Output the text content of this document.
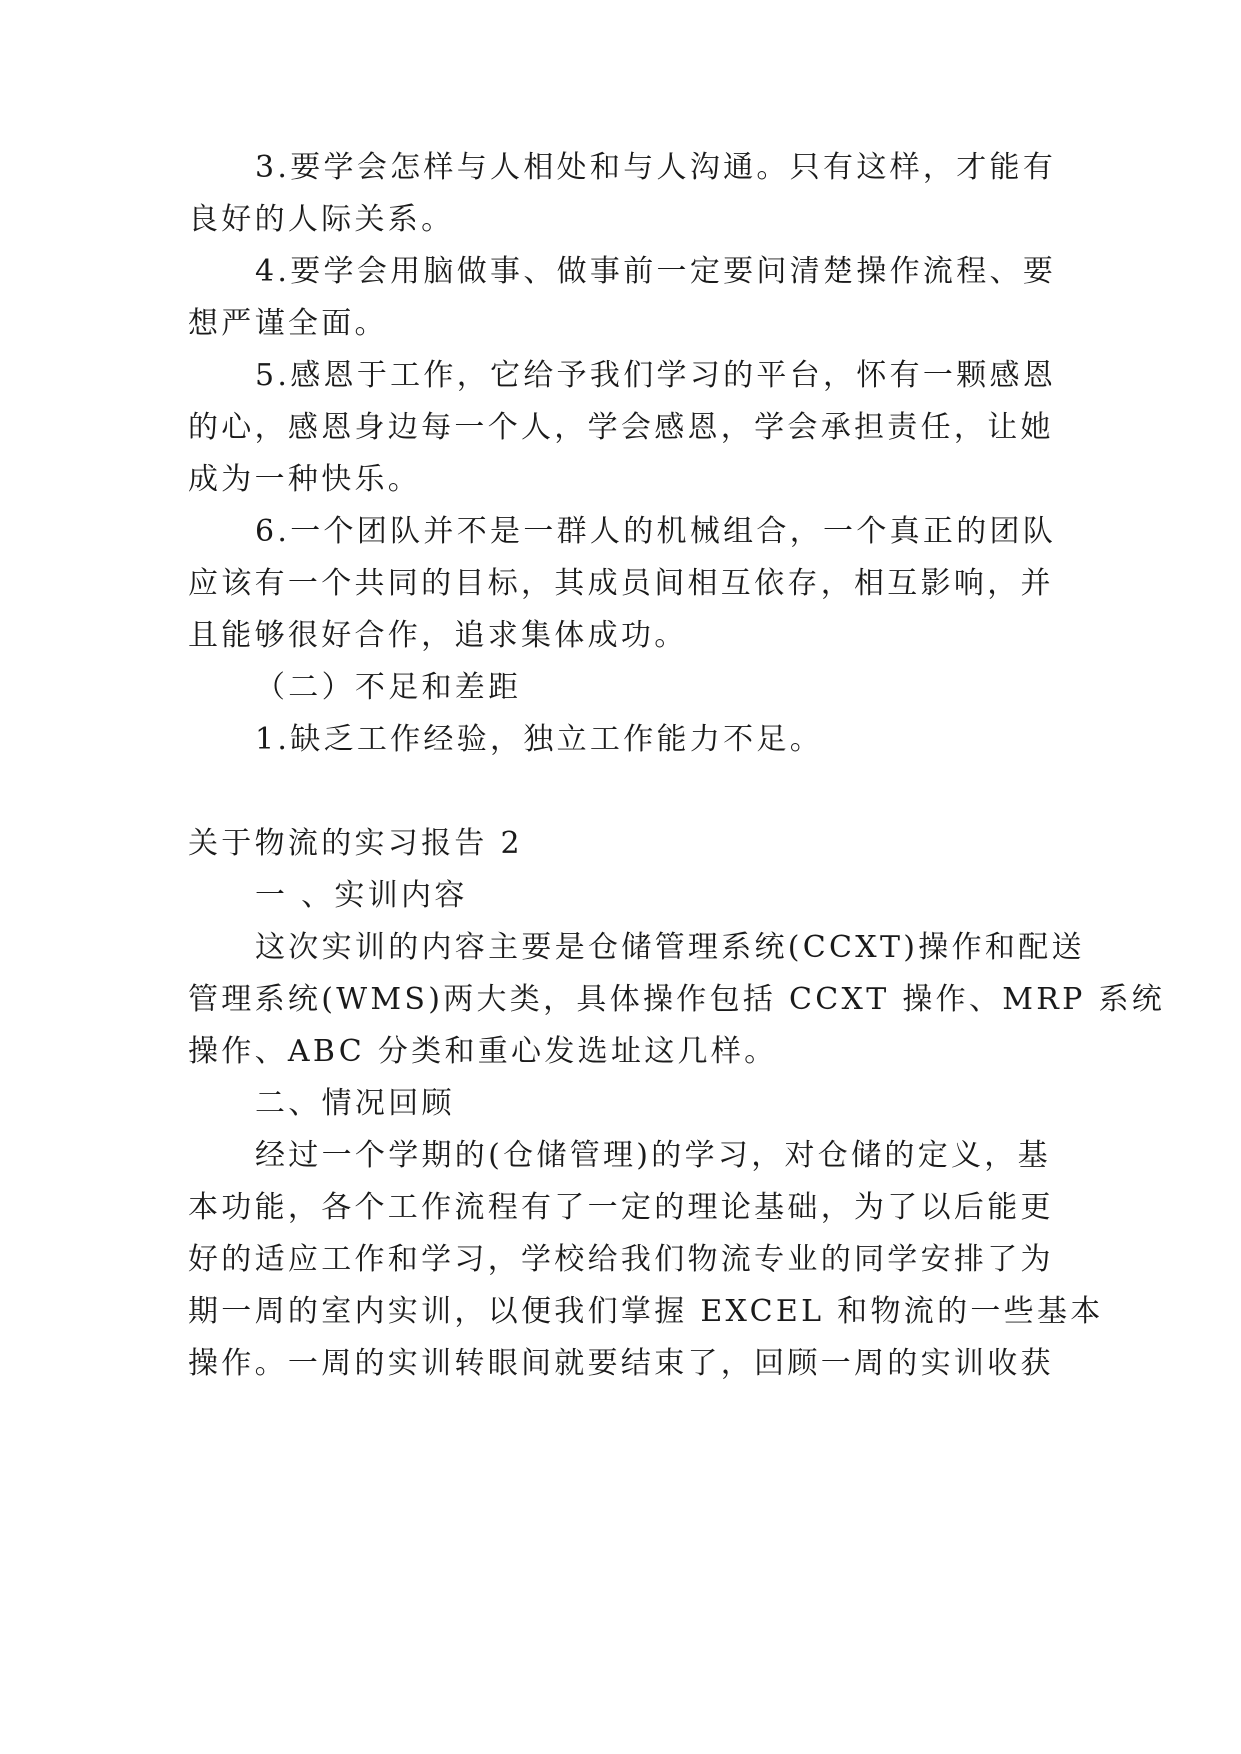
3.要学会怎样与人相处和与人沟通。只有这样，才能有
良好的人际关系。
4.要学会用脑做事、做事前一定要问清楚操作流程、要
想严谨全面。
5.感恩于工作，它给予我们学习的平台，怀有一颗感恩
的心，感恩身边每一个人，学会感恩，学会承担责任，让她
成为一种快乐。
6.一个团队并不是一群人的机械组合，一个真正的团队
应该有一个共同的目标，其成员间相互依存，相互影响，并
且能够很好合作，追求集体成功。
（二）不足和差距
1.缺乏工作经验，独立工作能力不足。
关于物流的实习报告 2
一 、实训内容
这次实训的内容主要是仓储管理系统(CCXT)操作和配送
管理系统(WMS)两大类，具体操作包括 CCXT 操作、MRP 系统
操作、ABC 分类和重心发选址这几样。
二、情况回顾
经过一个学期的(仓储管理)的学习，对仓储的定义，基
本功能，各个工作流程有了一定的理论基础，为了以后能更
好的适应工作和学习，学校给我们物流专业的同学安排了为
期一周的室内实训，以便我们掌握 EXCEL 和物流的一些基本
操作。一周的实训转眼间就要结束了，回顾一周的实训收获
